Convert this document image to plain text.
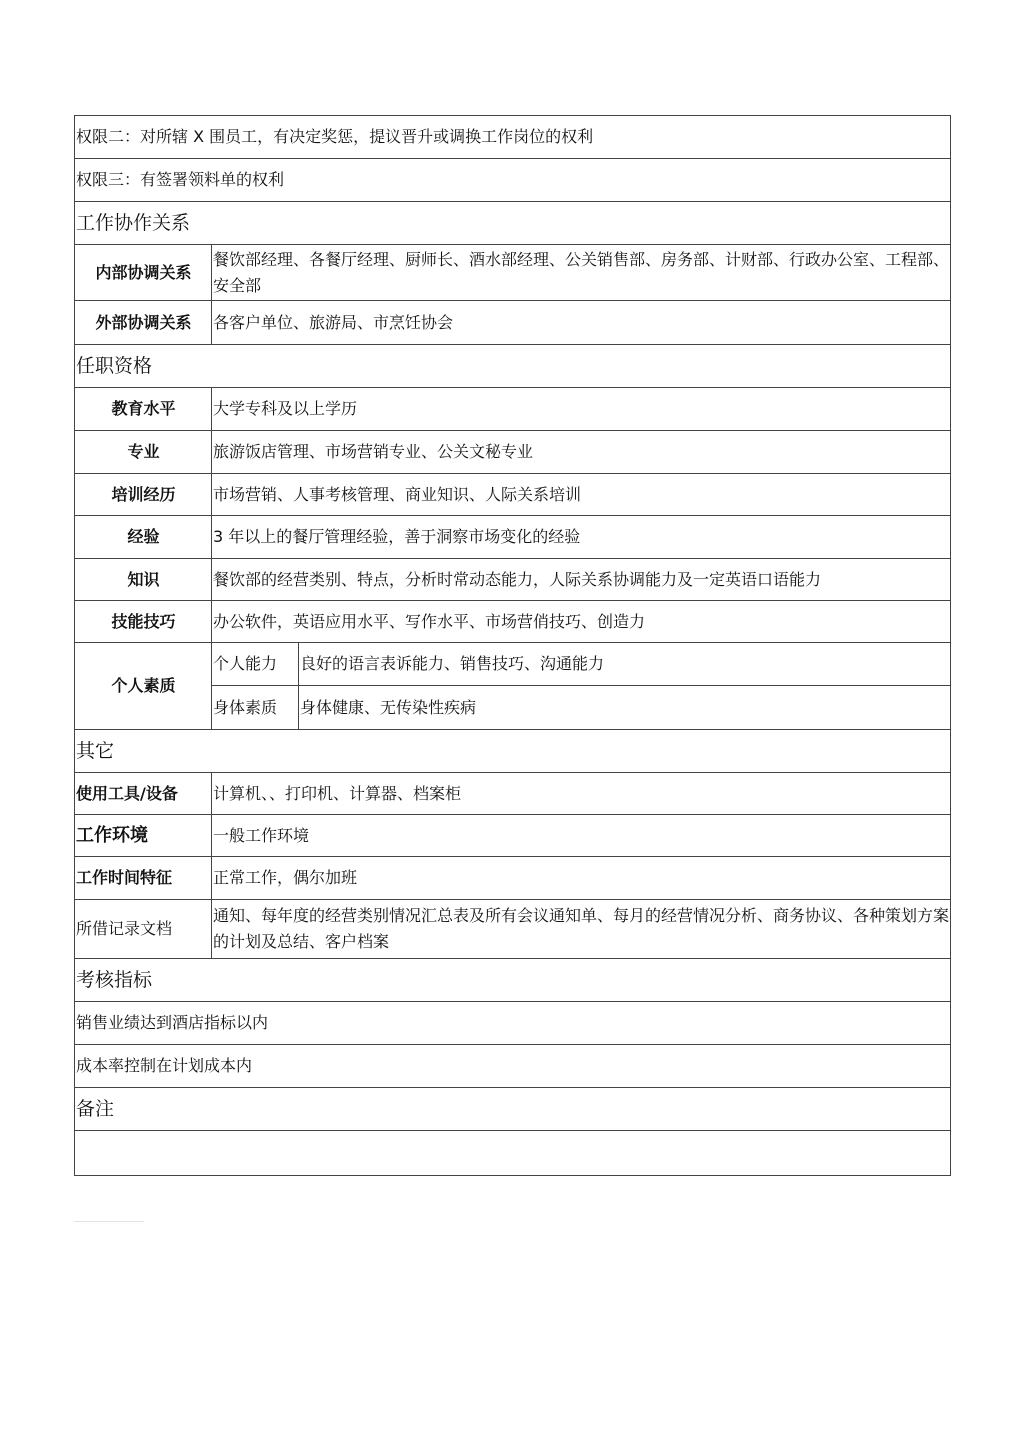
权限二：对所辖 X 围员工，有决定奖惩，提议晋升或调换工作岗位的权利		
权限三：有签署领料单的权利		
工作协作关系		
内部协调关系	餐饮部经理、各餐厅经理、厨师长、酒水部经理、公关销售部、房务部、计财部、行政办公室、工程部、安全部	
外部协调关系	各客户单位、旅游局、市烹饪协会	
任职资格		
教育水平	大学专科及以上学历	
专业	旅游饭店管理、市场营销专业、公关文秘专业	
培训经历	市场营销、人事考核管理、商业知识、人际关系培训	
经验	3 年以上的餐厅管理经验，善于洞察市场变化的经验	
知识	餐饮部的经营类别、特点，分析时常动态能力，人际关系协调能力及一定英语口语能力	
技能技巧	办公软件，英语应用水平、写作水平、市场营俏技巧、创造力	
个人素质	个人能力	良好的语言表诉能力、销售技巧、沟通能力
	身体素质	身体健康、无传染性疾病
其它		
使用工具/设备	计算机、、打印机、计算器、档案柜	
工作环境	一般工作环境	
工作时间特征	正常工作，偶尔加班	
所借记录文档	通知、每年度的经营类别情况汇总表及所有会议通知单、每月的经营情况分析、商务协议、各种策划方案的计划及总结、客户档案	
考核指标		
销售业绩达到酒店指标以内		
成本率控制在计划成本内		
备注		
